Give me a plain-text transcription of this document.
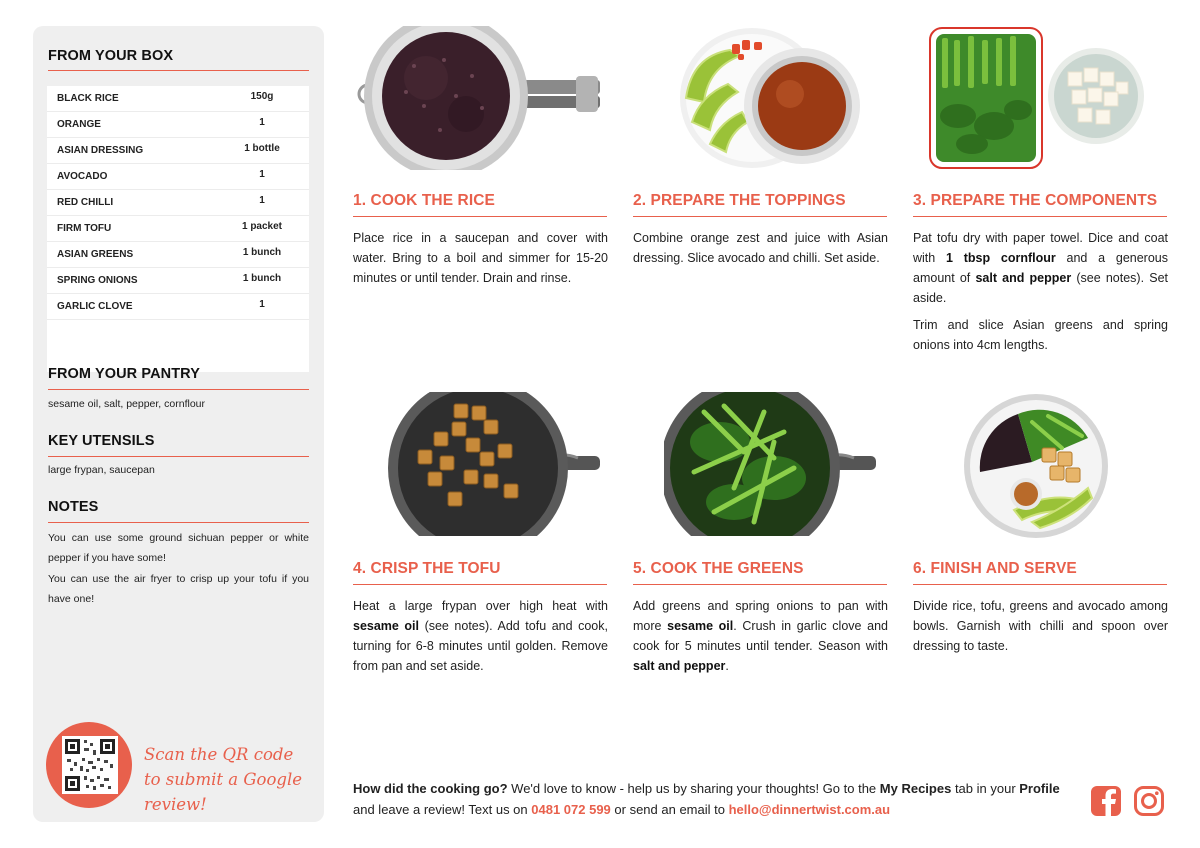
FROM YOUR BOX
BLACK RICE	150g
ORANGE	1
ASIAN DRESSING	1 bottle
AVOCADO	1
RED CHILLI	1
FIRM TOFU	1 packet
ASIAN GREENS	1 bunch
SPRING ONIONS	1 bunch
GARLIC CLOVE	1
FROM YOUR PANTRY
sesame oil, salt, pepper, cornflour
KEY UTENSILS
large frypan, saucepan
NOTES
You can use some ground sichuan pepper or white pepper if you have some!
You can use the air fryer to crisp up your tofu if you have one!
Scan the QR code to submit a Google review!
1. COOK THE RICE

Place rice in a saucepan and cover with water. Bring to a boil and simmer for 15-20 minutes or until tender. Drain and rinse.

2. PREPARE THE TOPPINGS

Combine orange zest and juice with Asian dressing. Slice avocado and chilli. Set aside.

3. PREPARE THE COMPONENTS

Pat tofu dry with paper towel. Dice and coat with 1 tbsp cornflour and a generous amount of salt and pepper (see notes). Set aside.

Trim and slice Asian greens and spring onions into 4cm lengths.

4. CRISP THE TOFU

Heat a large frypan over high heat with sesame oil (see notes). Add tofu and cook, turning for 6-8 minutes until golden. Remove from pan and set aside.

5. COOK THE GREENS

Add greens and spring onions to pan with more sesame oil. Crush in garlic clove and cook for 5 minutes until tender. Season with salt and pepper.

6. FINISH AND SERVE

Divide rice, tofu, greens and avocado among bowls. Garnish with chilli and spoon over dressing to taste.

How did the cooking go? We'd love to know - help us by sharing your thoughts! Go to the My Recipes tab in your Profile and leave a review! Text us on 0481 072 599 or send an email to hello@dinnertwist.com.au
